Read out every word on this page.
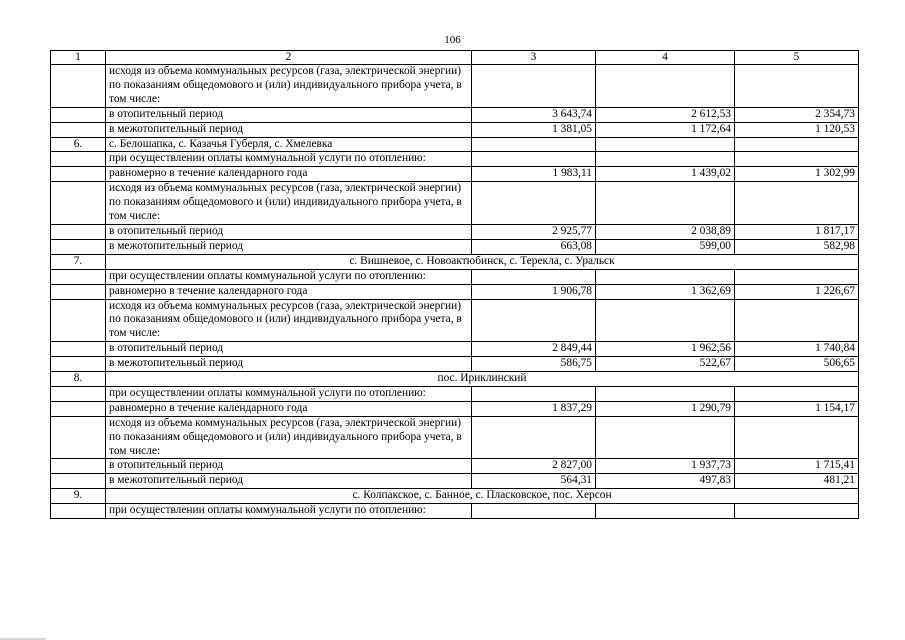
106
1	2	3	4	5
	исходя из объема коммунальных ресурсов (газа, электрической энергии) по показаниям общедомового и (или) индивидуального прибора учета, в том числе:			
	в отопительный период	3 643,74	2 612,53	2 354,73
	в межотопительный период	1 381,05	1 172,64	1 120,53
6.	с. Белошапка, с. Казачья Губерля, с. Хмелевка			
	при осуществлении оплаты коммунальной услуги по отоплению:			
	равномерно в течение календарного года	1 983,11	1 439,02	1 302,99
	исходя из объема коммунальных ресурсов (газа, электрической энергии) по показаниям общедомового и (или) индивидуального прибора учета, в том числе:			
	в отопительный период	2 925,77	2 038,89	1 817,17
	в межотопительный период	663,08	599,00	582,98
7.	с. Вишневое, с. Новоактюбинск, с. Терекла, с. Уральск			
	при осуществлении оплаты коммунальной услуги по отоплению:			
	равномерно в течение календарного года	1 906,78	1 362,69	1 226,67
	исходя из объема коммунальных ресурсов (газа, электрической энергии) по показаниям общедомового и (или) индивидуального прибора учета, в том числе:			
	в отопительный период	2 849,44	1 962,56	1 740,84
	в межотопительный период	586,75	522,67	506,65
8.	пос. Ириклинский			
	при осуществлении оплаты коммунальной услуги по отоплению:			
	равномерно в течение календарного года	1 837,29	1 290,79	1 154,17
	исходя из объема коммунальных ресурсов (газа, электрической энергии) по показаниям общедомового и (или) индивидуального прибора учета, в том числе:			
	в отопительный период	2 827,00	1 937,73	1 715,41
	в межотопительный период	564,31	497,83	481,21
9.	с. Колпакское, с. Банное, с. Пласковское, пос. Херсон			
	при осуществлении оплаты коммунальной услуги по отоплению:			
